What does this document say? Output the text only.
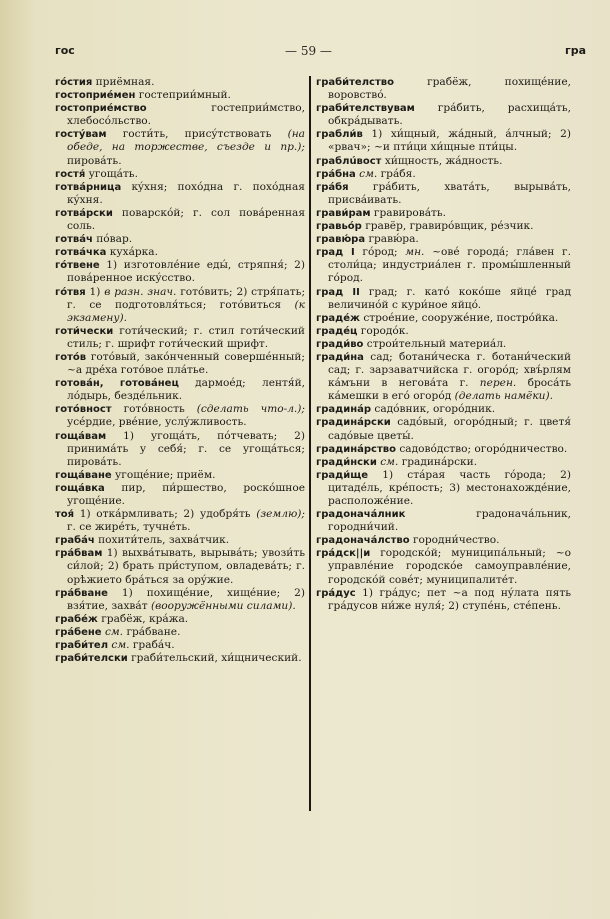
гос	— 59 —	гра

гóстия приёмная.

гостоприéмен гостеприи́мный.

гостоприéмство	гостеприи́мство, хлебосóльство.

гостýвам гости́ть, присýтствовать (на обеде, на торжестве, съезде и пр.); пировáть.

гостя́ угощáть.

готвáрница кýхня; похóдна г. похóдная кýхня.

готвáрски поварскóй; г. сол повáренная соль.

готвáч пóвар.

готвáчка кухáрка.

гóтвене 1) изготовлéние еды́, стряпня́; 2) повáренное искýсство.

гóтвя 1) в разн. знач. готóвить; 2) стря́пать; г. се подготовля́ться; готóвиться (к экзамену).

готи́чески готи́ческий; г. стил готи́ческий стиль; г. шрифт готи́ческий шрифт.

готóв готóвый, закóнченный совершéнный; ~а дрéха готóвое плáтье.

готовáн, готовáнец дармоéд; лентя́й, лóдырь, бездéльник.

готóвност готóвность (сделать что-л.); усéрдие, рвéние, услýжливость.

гощáвам 1) угощáть, пóтчевать; 2) принимáть у себя́; г. се угощáться; пировáть.

гощáване угощéние; приём.

гощáвка пир, пи́ршество, роскóшное угощéние.

тоя́ 1) откáрмливать; 2) удобря́ть (землю); г. се жирéть, тучнéть.

грабáч похити́тель, захвáтчик.

грáбвам 1) выхвáтывать, вырывáть; увози́ть си́лой; 2) брать при́ступом, овладевáть; г. орѣжието брáться за орýжие.

грáбване 1) похищéние, хищéние; 2) взя́тие, захвáт (вооружёнными силами).

грабéж грабёж, крáжа.

грáбене см. грáбване.

граби́тел см. грабáч.

граби́телски граби́тельский, хи́щнический.

граби́телство	грабёж, похищéние, воровствó.

граби́телствувам грáбить, расхищáть, обкрáдывать.

грабли́в 1) хи́щный, жáдный, áлчный; 2) «рвач»; ~и пти́ци хи́щные пти́цы.

граблúвост хи́щность, жáдность.

грáбна см. грáбя.

грáбя грáбить, хватáть, вырывáть, присвáивать.

грави́рам гравировáть.

гравьóр гравёр, гравирóвщик, рéзчик.

гравю́ра гравю́ра.

град I гóрод; мн. ~овé городá; глáвен г. столи́ца; индустриáлен г. промы́шленный гóрод.

град II град; г. катó кокóше яйцé град величинóй с кури́ное яйцó.

градéж строéние, сооружéние, пострóйка.

градéц городóк.

гради́во строи́тельный материáл.

гради́на сад; ботани́ческа г. ботани́ческий сад; г. зарзаватчийска г. огорóд; хвъ́рлям кáмъни в неговáта г. перен. бросáть кáмешки в егó огорóд (делать намёки).

градинáр садóвник, огорóдник.

градинáрски садóвый, огорóдный; г. цветя́ садóвые цветы́.

градинáрство садовóдство; огорóдничество.

гради́нски см. градинáрски.

гради́ще 1) стáрая часть гóрода; 2) цитадéль, крéпость; 3) местонахождéние, расположéние.

градоначáлник	градоначáльник, городни́чий.

градоначáлство городни́чество.

грáдск||и городскóй; муниципáльный; ~о управлéние городскóе самоуправлéние, городскóй совéт; муниципалитéт.

грáдус 1) грáдус; пет ~а под нýлата пять грáдусов ни́же нуля́; 2) ступéнь, стéпень.
